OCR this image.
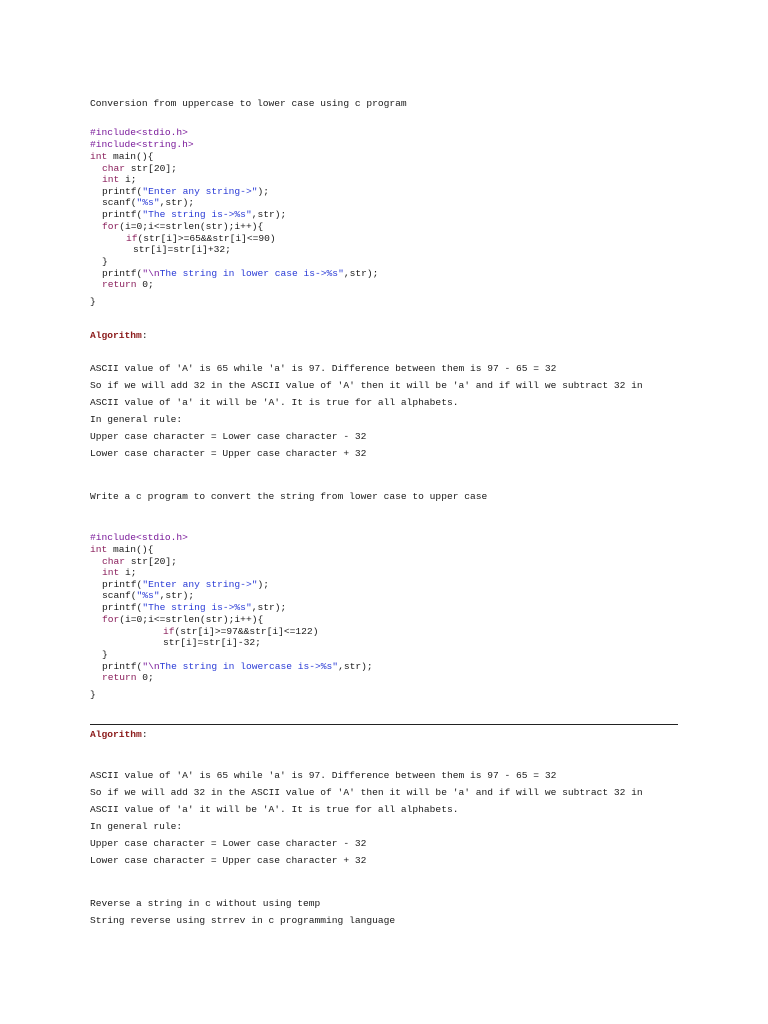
Conversion from uppercase to lower case using c program
#include<stdio.h>
#include<string.h>
int main(){
char str[20];
int i;
printf("Enter any string->");
scanf("%s",str);
printf("The string is->%s",str);
for(i=0;i<=strlen(str);i++){
if(str[i]>=65&&str[i]<=90)
str[i]=str[i]+32;
}
printf("\nThe string in lower case is->%s",str);
return 0;
}
Algorithm:
ASCII value of 'A' is 65 while 'a' is 97. Difference between them is 97 - 65 = 32
So if we will add 32 in the ASCII value of 'A' then it will be 'a' and if will we subtract 32 in
ASCII value of 'a' it will be 'A'. It is true for all alphabets.
In general rule:
Upper case character = Lower case character - 32
Lower case character = Upper case character + 32
Write a c program to convert the string from lower case to upper case
#include<stdio.h>
int main(){
char str[20];
int i;
printf("Enter any string->");
scanf("%s",str);
printf("The string is->%s",str);
for(i=0;i<=strlen(str);i++){
if(str[i]>=97&&str[i]<=122)
str[i]=str[i]-32;
}
printf("\nThe string in lowercase is->%s",str);
return 0;
}
Algorithm:
ASCII value of 'A' is 65 while 'a' is 97. Difference between them is 97 - 65 = 32
So if we will add 32 in the ASCII value of 'A' then it will be 'a' and if will we subtract 32 in
ASCII value of 'a' it will be 'A'. It is true for all alphabets.
In general rule:
Upper case character = Lower case character - 32
Lower case character = Upper case character + 32
Reverse a string in c without using temp
String reverse using strrev in c programming language
